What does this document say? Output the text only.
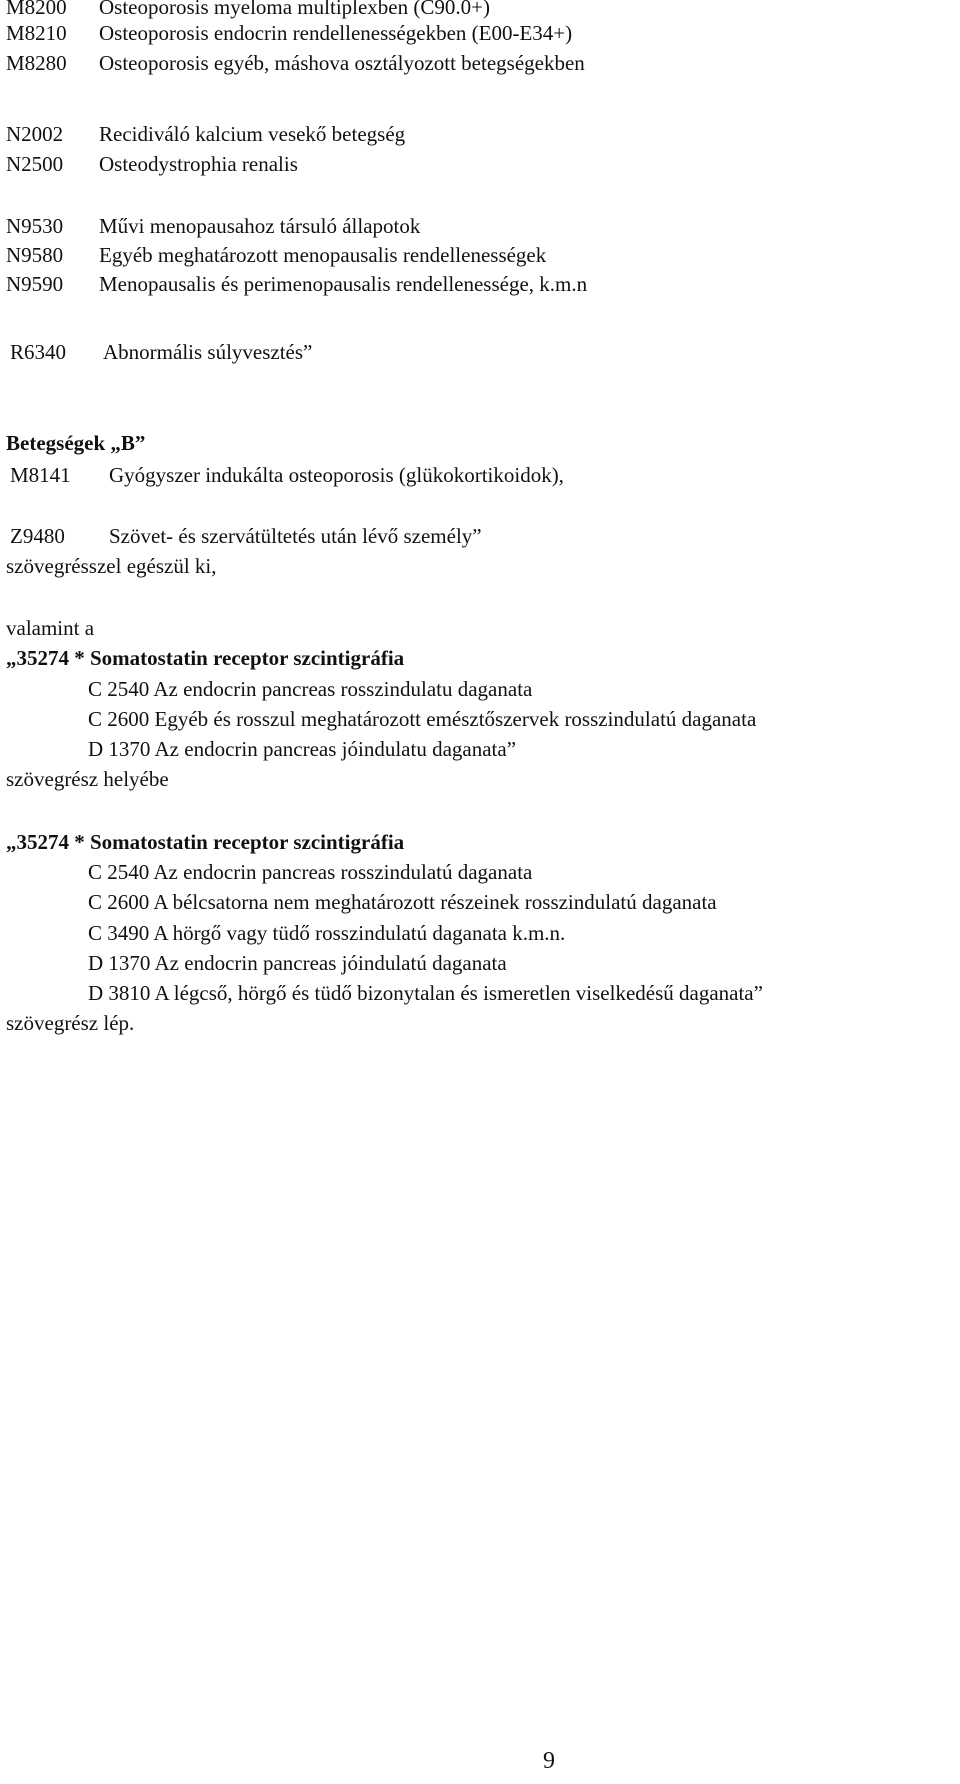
M8200 Osteoporosis myeloma multiplexben (C90.0+)
M8210 Osteoporosis endocrin rendellenességekben (E00-E34+)
M8280 Osteoporosis egyéb, máshova osztályozott betegségekben
N2002 Recidiváló kalcium vesekő betegség
N2500 Osteodystrophia renalis
N9530 Művi menopausahoz társuló állapotok
N9580 Egyéb meghatározott menopausalis rendellenességek
N9590 Menopausalis és perimenopausalis rendellenessége, k.m.n
R6340 Abnormális súlyvesztés”
Betegségek „B”
M8141 Gyógyszer indukálta osteoporosis (glükokortikoidok),
Z9480 Szövet- és szervátültetés után lévő személy”
szövegrésszel egészül ki,
valamint a
„35274 * Somatostatin receptor szcintigráfia
C 2540 Az endocrin pancreas rosszindulatu daganata
C 2600 Egyéb és rosszul meghatározott emésztőszervek rosszindulatú daganata
D 1370 Az endocrin pancreas jóindulatu daganata”
szövegrész helyébe
„35274 * Somatostatin receptor szcintigráfia
C 2540 Az endocrin pancreas rosszindulatú daganata
C 2600 A bélcsatorna nem meghatározott részeinek rosszindulatú daganata
C 3490 A hörgő vagy tüdő rosszindulatú daganata k.m.n.
D 1370 Az endocrin pancreas jóindulatú daganata
D 3810 A légcső, hörgő és tüdő bizonytalan és ismeretlen viselkedésű daganata”
szövegrész lép.
9
